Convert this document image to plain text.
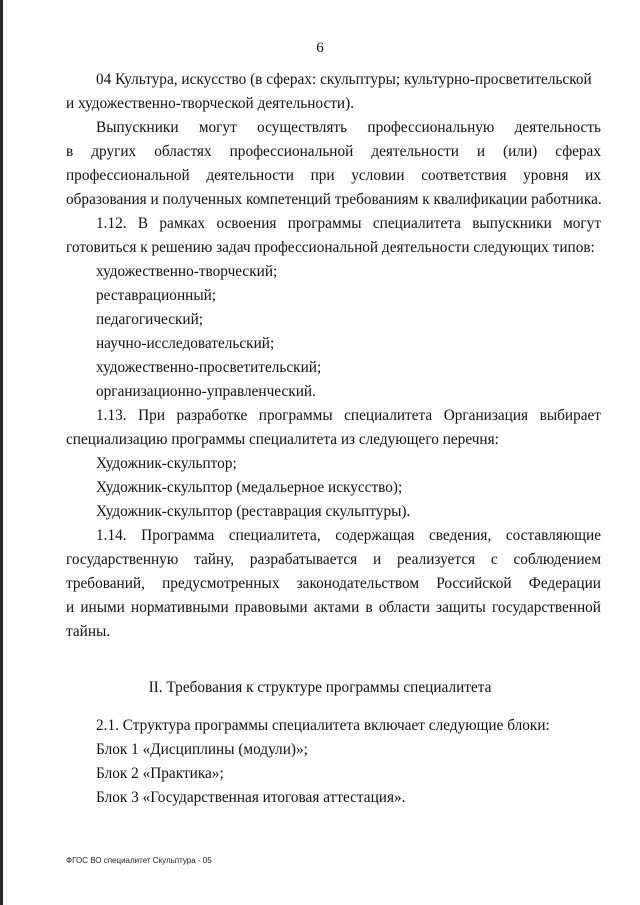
6
04 Культура, искусство (в сферах: скульптуры; культурно-просветительской
и художественно-творческой деятельности).
Выпускники могут осуществлять профессиональную деятельность
в других областях профессиональной деятельности и (или) сферах
профессиональной деятельности при условии соответствия уровня их
образования и полученных компетенций требованиям к квалификации работника.
1.12. В рамках освоения программы специалитета выпускники могут
готовиться к решению задач профессиональной деятельности следующих типов:
художественно-творческий;
реставрационный;
педагогический;
научно-исследовательский;
художественно-просветительский;
организационно-управленческий.
1.13. При разработке программы специалитета Организация выбирает
специализацию программы специалитета из следующего перечня:
Художник-скульптор;
Художник-скульптор (медальерное искусство);
Художник-скульптор (реставрация скульптуры).
1.14. Программа специалитета, содержащая сведения, составляющие
государственную тайну, разрабатывается и реализуется с соблюдением
требований, предусмотренных законодательством Российской Федерации
и иными нормативными правовыми актами в области защиты государственной
тайны.
II. Требования к структуре программы специалитета
2.1. Структура программы специалитета включает следующие блоки:
Блок 1 «Дисциплины (модули)»;
Блок 2 «Практика»;
Блок 3 «Государственная итоговая аттестация».
ФГОС ВО специалитет Скульптура - 05
